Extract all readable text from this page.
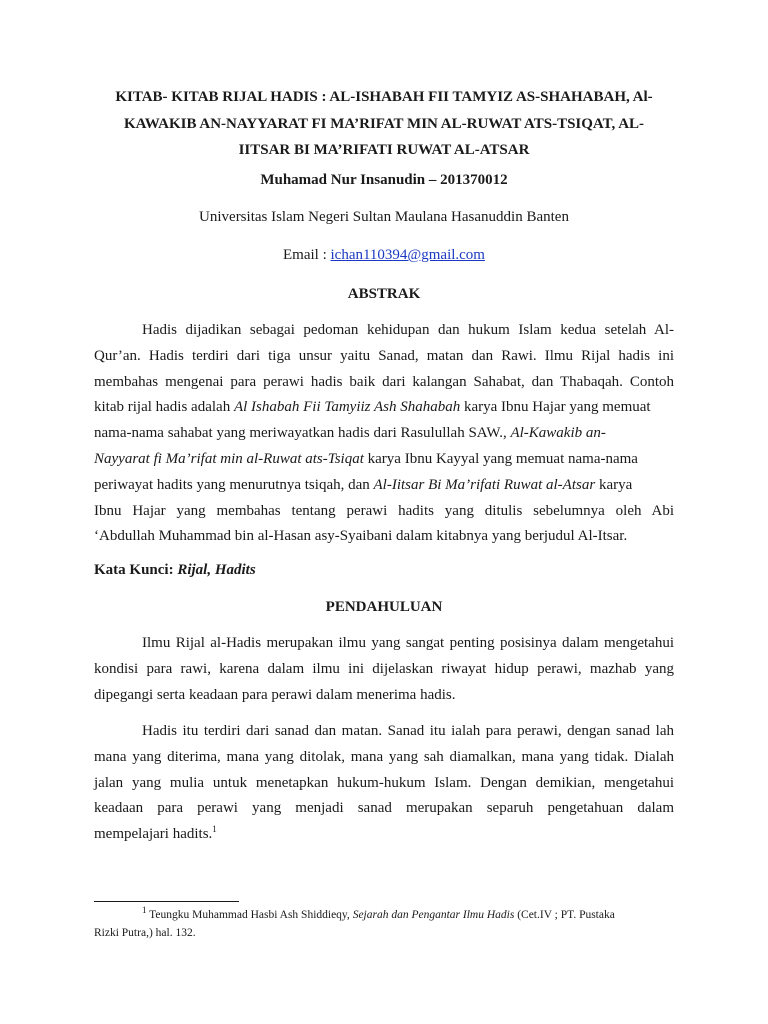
KITAB- KITAB RIJAL HADIS : AL-ISHABAH FII TAMYIZ AS-SHAHABAH, Al-
KAWAKIB AN-NAYYARAT FI MA’RIFAT MIN AL-RUWAT ATS-TSIQAT, AL-
IITSAR BI MA’RIFATI RUWAT AL-ATSAR
Muhamad Nur Insanudin – 201370012
Universitas Islam Negeri Sultan Maulana Hasanuddin Banten
Email : ichan110394@gmail.com
ABSTRAK
Hadis dijadikan sebagai pedoman kehidupan dan hukum Islam kedua setelah Al-
Qur’an. Hadis terdiri dari tiga unsur yaitu Sanad, matan dan Rawi. Ilmu Rijal hadis ini
membahas mengenai para perawi hadis baik dari kalangan Sahabat, dan Thabaqah. Contoh
kitab rijal hadis adalah Al Ishabah Fii Tamyiiz Ash Shahabah karya Ibnu Hajar yang memuat
nama-nama sahabat yang meriwayatkan hadis dari Rasulullah SAW., Al-Kawakib an-
Nayyarat fi Ma’rifat min al-Ruwat ats-Tsiqat karya Ibnu Kayyal yang memuat nama-nama
periwayat hadits yang menurutnya tsiqah, dan Al-Iitsar Bi Ma’rifati Ruwat al-Atsar karya
Ibnu Hajar yang membahas tentang perawi hadits yang ditulis sebelumnya oleh Abi
‘Abdullah Muhammad bin al-Hasan asy-Syaibani dalam kitabnya yang berjudul Al-Itsar.
Kata Kunci: Rijal, Hadits
PENDAHULUAN
Ilmu Rijal al-Hadis merupakan ilmu yang sangat penting posisinya dalam mengetahui
kondisi para rawi, karena dalam ilmu ini dijelaskan riwayat hidup perawi, mazhab yang
dipegangi serta keadaan para perawi dalam menerima hadis.
Hadis itu terdiri dari sanad dan matan. Sanad itu ialah para perawi, dengan sanad lah
mana yang diterima, mana yang ditolak, mana yang sah diamalkan, mana yang tidak. Dialah
jalan yang mulia untuk menetapkan hukum-hukum Islam. Dengan demikian, mengetahui
keadaan para perawi yang menjadi sanad merupakan separuh pengetahuan dalam
mempelajari hadits.$^1$
$^1$ Teungku Muhammad Hasbi Ash Shiddieqy, Sejarah dan Pengantar Ilmu Hadis (Cet.IV ; PT. Pustaka
Rizki Putra,) hal. 132.
